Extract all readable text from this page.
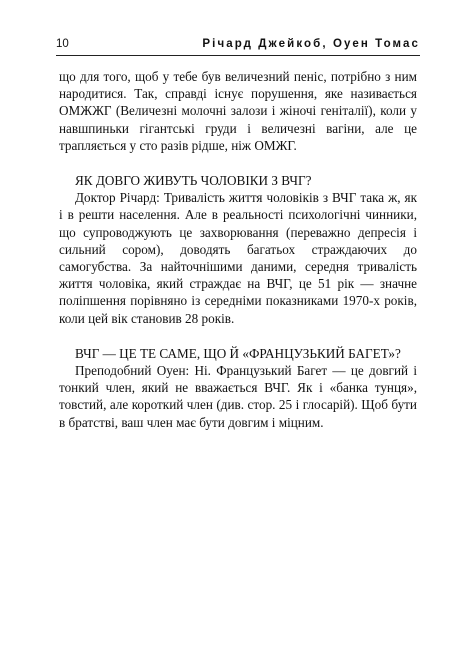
10	Річард Джейкоб, Оуен Томас

що для того, щоб у тебе був величезний пеніс, потрібно з ним народитися. Так, справді існує порушення, яке називається ОМЖЖГ (Величезні молочні залози і жіночі геніталії), коли у навшпиньки гігантські груди і величезні вагіни, але це трапляється у сто разів рідше, ніж ОМЖГ.

ЯК ДОВГО ЖИВУТЬ ЧОЛОВІКИ З ВЧГ?

Доктор Річард: Тривалість життя чоловіків з ВЧГ така ж, як і в решти населення. Але в реальності психологічні чинники, що супроводжують це захворювання (переважно депресія і сильний сором), доводять багатьох страждаючих до самогубства. За найточнішими даними, середня тривалість життя чоловіка, який страждає на ВЧГ, це 51 рік — значне поліпшення порівняно із середніми показниками 1970-х років, коли цей вік становив 28 років.

ВЧГ — ЦЕ ТЕ САМЕ, ЩО Й «ФРАНЦУЗЬКИЙ БАГЕТ»?

Преподобний Оуен: Ні. Французький Багет — це довгий і тонкий член, який не вважається ВЧГ. Як і «банка тунця», товстий, але короткий член (див. стор. 25 і глосарій). Щоб бути в братстві, ваш член має бути довгим і міцним.
